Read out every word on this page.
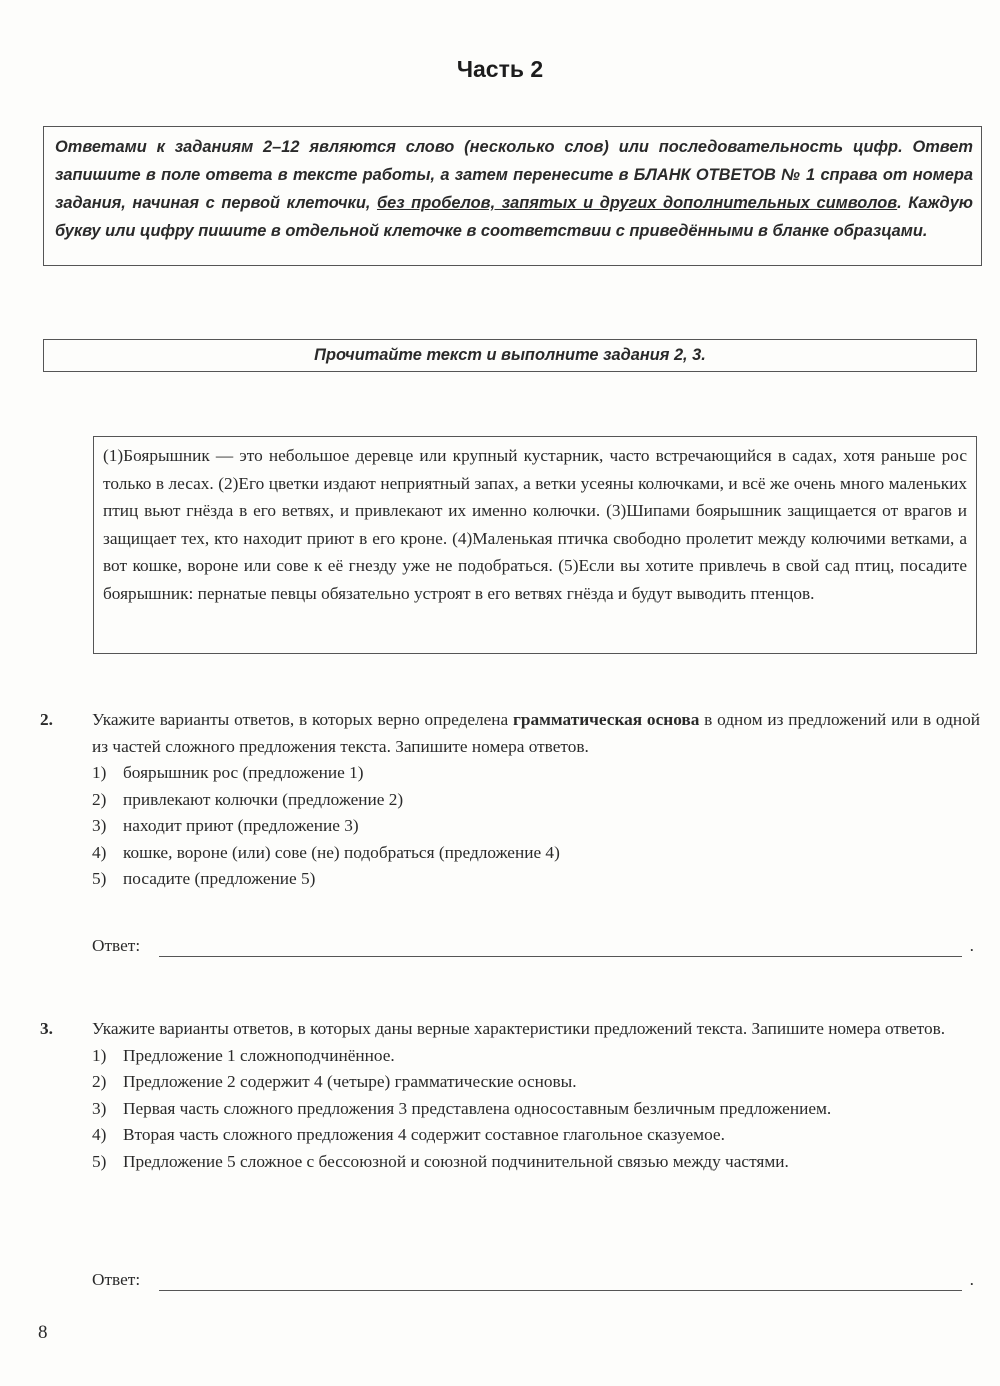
Часть 2
Ответами к заданиям 2–12 являются слово (несколько слов) или последовательность цифр. Ответ запишите в поле ответа в тексте работы, а затем перенесите в БЛАНК ОТВЕТОВ № 1 справа от номера задания, начиная с первой клеточки, без пробелов, запятых и других дополнительных символов. Каждую букву или цифру пишите в отдельной клеточке в соответствии с приведёнными в бланке образцами.
Прочитайте текст и выполните задания 2, 3.
(1)Боярышник — это небольшое деревце или крупный кустарник, часто встречающийся в садах, хотя раньше рос только в лесах. (2)Его цветки издают неприятный запах, а ветки усеяны колючками, и всё же очень много маленьких птиц вьют гнёзда в его ветвях, и привлекают их именно колючки. (3)Шипами боярышник защищается от врагов и защищает тех, кто находит приют в его кроне. (4)Маленькая птичка свободно пролетит между колючими ветками, а вот кошке, вороне или сове к её гнезду уже не подобраться. (5)Если вы хотите привлечь в свой сад птиц, посадите боярышник: пернатые певцы обязательно устроят в его ветвях гнёзда и будут выводить птенцов.
2. Укажите варианты ответов, в которых верно определена грамматическая основа в одном из предложений или в одной из частей сложного предложения текста. Запишите номера ответов.
1) боярышник рос (предложение 1)
2) привлекают колючки (предложение 2)
3) находит приют (предложение 3)
4) кошке, вороне (или) сове (не) подобраться (предложение 4)
5) посадите (предложение 5)
Ответ:	.
3. Укажите варианты ответов, в которых даны верные характеристики предложений текста. Запишите номера ответов.
1) Предложение 1 сложноподчинённое.
2) Предложение 2 содержит 4 (четыре) грамматические основы.
3) Первая часть сложного предложения 3 представлена односоставным безличным предложением.
4) Вторая часть сложного предложения 4 содержит составное глагольное сказуемое.
5) Предложение 5 сложное с бессоюзной и союзной подчинительной связью между частями.
Ответ:	.
8
